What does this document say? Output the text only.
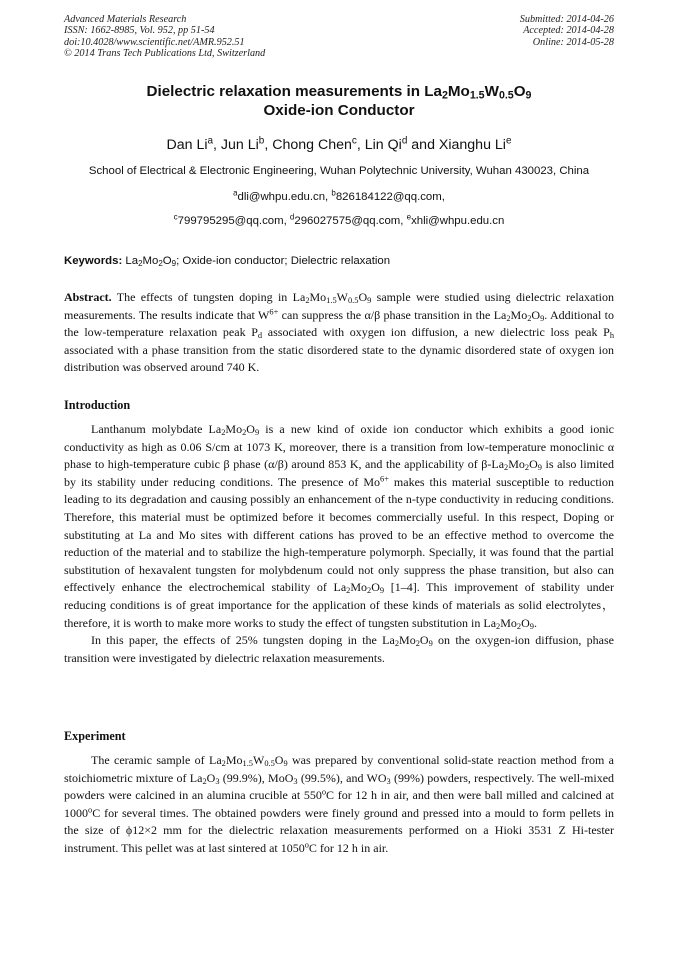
Advanced Materials Research
ISSN: 1662-8985, Vol. 952, pp 51-54
doi:10.4028/www.scientific.net/AMR.952.51
© 2014 Trans Tech Publications Ltd, Switzerland
Submitted: 2014-04-26
Accepted: 2014-04-28
Online: 2014-05-28
Dielectric relaxation measurements in $La_2Mo_{1.5}W_{0.5}O_9$
Oxide-ion Conductor
Dan Li$^a$, Jun Li$^b$, Chong Chen$^c$, Lin Qi$^d$ and Xianghu Li$^e$
School of Electrical & Electronic Engineering, Wuhan Polytechnic University, Wuhan 430023, China
$^a$dli@whpu.edu.cn, $^b$826184122@qq.com,
$^c$799795295@qq.com, $^d$296027575@qq.com, $^e$xhli@whpu.edu.cn
Keywords: $La_2Mo_2O_9$; Oxide-ion conductor; Dielectric relaxation
Abstract. The effects of tungsten doping in $La_2Mo_{1.5}W_{0.5}O_9$ sample were studied using dielectric relaxation measurements. The results indicate that $W^{6+}$ can suppress the α/β phase transition in the $La_2Mo_2O_9$. Additional to the low-temperature relaxation peak $P_d$ associated with oxygen ion diffusion, a new dielectric loss peak $P_h$ associated with a phase transition from the static disordered state to the dynamic disordered state of oxygen ion distribution was observed around 740 K.
Introduction

Lanthanum molybdate $La_2Mo_2O_9$ is a new kind of oxide ion conductor which exhibits a good ionic conductivity as high as 0.06 S/cm at 1073 K, moreover, there is a transition from low-temperature monoclinic α phase to high-temperature cubic β phase (α/β) around 853 K, and the applicability of $\beta-La_2Mo_2O_9$ is also limited by its stability under reducing conditions. The presence of $Mo^{6+}$ makes this material susceptible to reduction leading to its degradation and causing possibly an enhancement of the n-type conductivity in reducing conditions. Therefore, this material must be optimized before it becomes commercially useful. In this respect, Doping or substituting at La and Mo sites with different cations has proved to be an effective method to overcome the reduction of the material and to stabilize the high-temperature polymorph. Specially, it was found that the partial substitution of hexavalent tungsten for molybdenum could not only suppress the phase transition, but also can effectively enhance the electrochemical stability of $La_2Mo_2O_9$ [1–4]. This improvement of stability under reducing conditions is of great importance for the application of these kinds of materials as solid electrolytes，therefore, it is worth to make more works to study the effect of tungsten substitution in $La_2Mo_2O_9$.

In this paper, the effects of 25% tungsten doping in the $La_2Mo_2O_9$ on the oxygen-ion diffusion, phase transition were investigated by dielectric relaxation measurements.

Experiment

The ceramic sample of $La_2Mo_{1.5}W_{0.5}O_9$ was prepared by conventional solid-state reaction method from a stoichiometric mixture of $La_2O_3$ (99.9%), MoO$_3$ (99.5%), and $WO_3$ (99%) powders, respectively. The well-mixed powders were calcined in an alumina crucible at 550$^o$C for 12 h in air, and then were ball milled and calcined at 1000$^o$C for several times. The obtained powders were finely ground and pressed into a mould to form pellets in the size of ϕ12×2 mm for the dielectric relaxation measurements performed on a Hioki 3531 Z Hi-tester instrument. This pellet was at last sintered at 1050$^o$C for 12 h in air.
